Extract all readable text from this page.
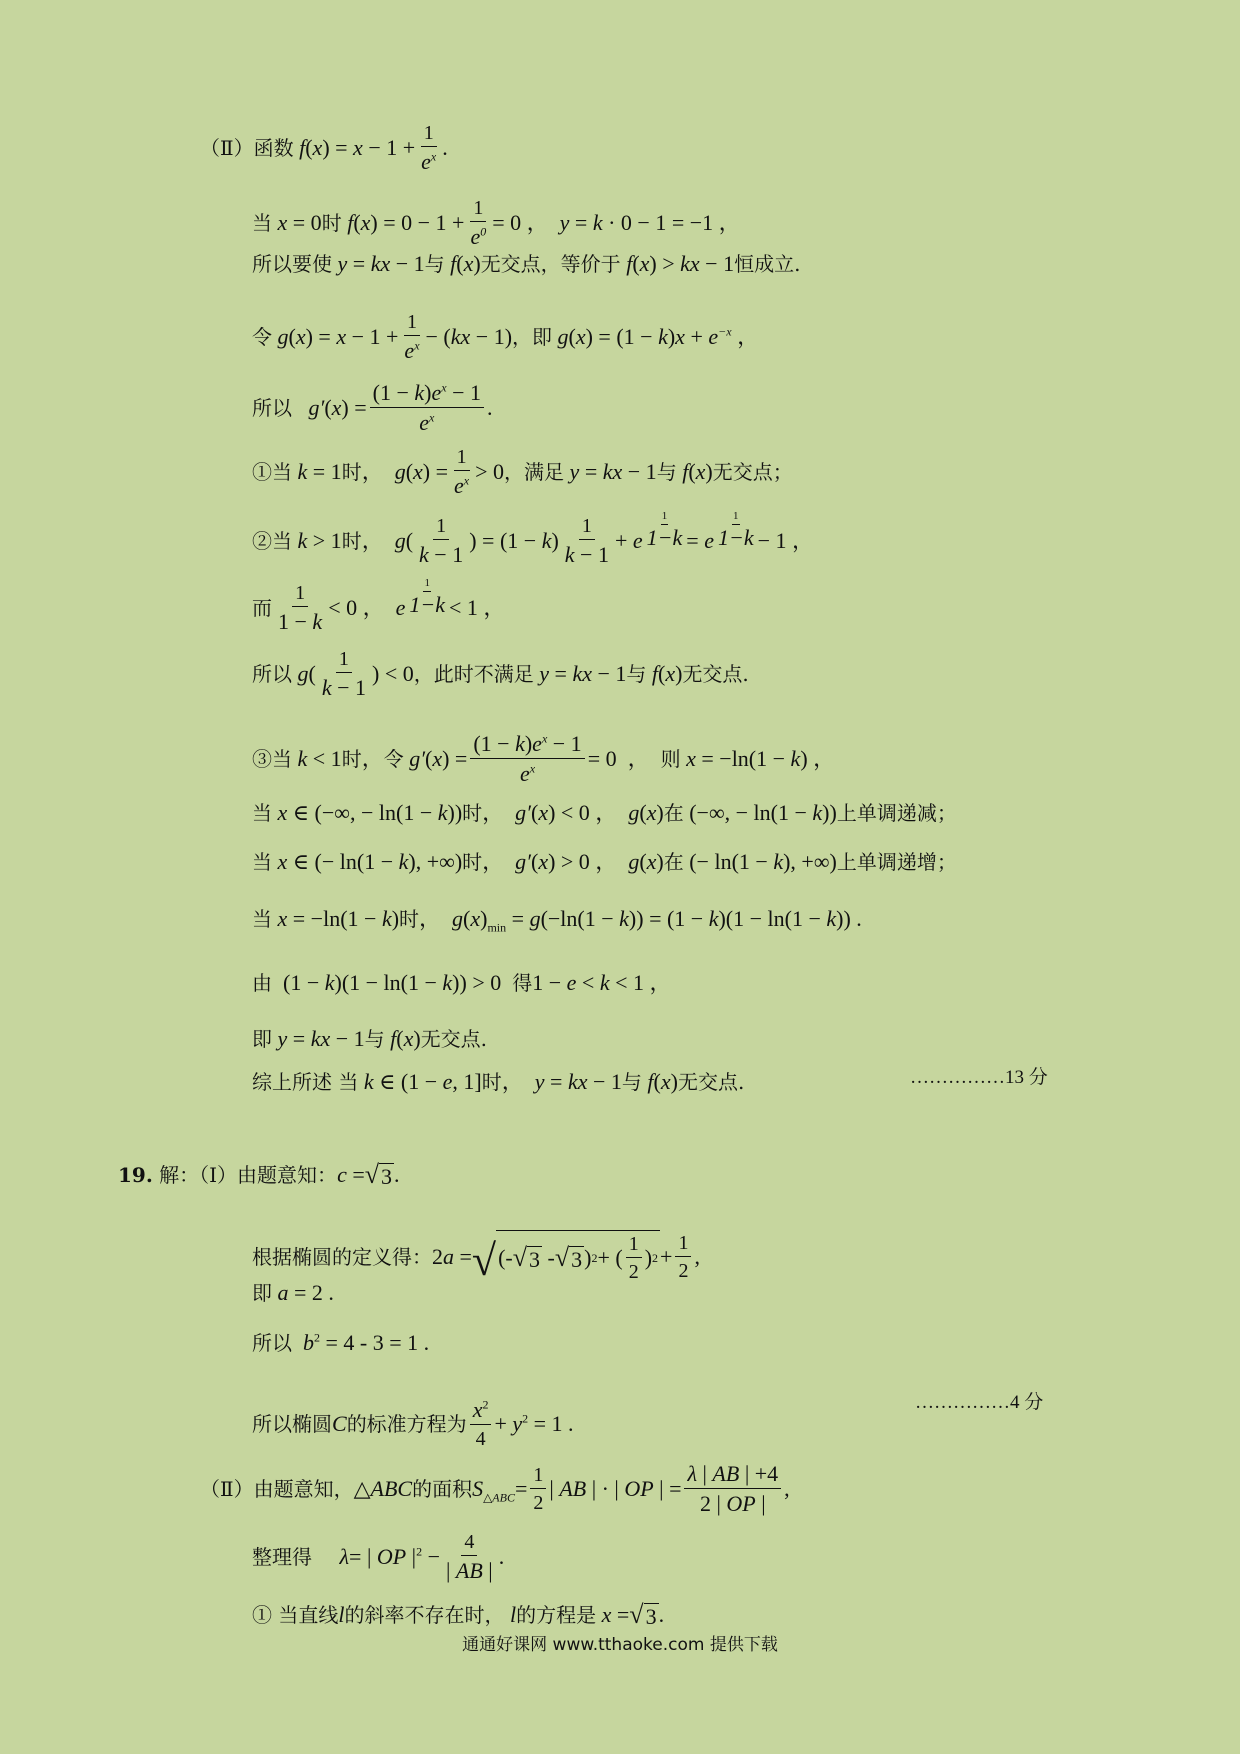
（Ⅱ）函数 $f(x) = x - 1 + \frac{1}{e^x}$ .
当 x = 0 时 $f(x) = 0 - 1 + \frac{1}{e^0} = 0$ ，  y = k · 0 − 1 = −1 ，
所以要使 y = kx − 1 与 f(x) 无交点，等价于 f(x) > kx − 1 恒成立.
令 $g(x) = x - 1 + \frac{1}{e^x} - (kx - 1)$ ，即 $g(x) = (1 - k)x + e^{-x}$ ，
所以 $g'(x) = \frac{(1 - k)e^x - 1}{e^x}$ .
①当 k = 1 时 ，  $g(x) = \frac{1}{e^x} > 0$ ，满足 y = kx − 1 与 f(x) 无交点；
②当 k > 1 时 ，  $g( \frac{1}{k - 1}$ ) = $(1 - k) \frac{1}{k - 1} + e \frac{1}{1-k} = e \frac{1}{1-k} - 1$ ，
而 $\frac{1}{1 - k} < 0$ ，  e $\frac{1}{1-k} < 1$ ，
所以 $g( \frac{1}{k - 1}$ ) < 0 ，此时不满足 y = kx − 1 与 f(x) 无交点.
③当 k < 1 时 ， 令 $g'(x) = \frac{(1 - k)e^x - 1}{e^x} = 0$  ， 则 x = −ln(1 − k) ，
当 x ∈ (−∞, − ln(1 − k)) 时 ，  g′(x) < 0 ，  g(x) 在 (−∞, − ln(1 − k)) 上单调递减；
当 x ∈ (− ln(1 − k), +∞) 时 ，  g′(x) > 0 ，  g(x) 在 (− ln(1 − k), +∞) 上单调递增；
当 x = −ln(1 − k) 时 ，  $g(x)_{min} = g(-\ln(1 - k)) = (1 - k)(1 - \ln(1 - k))$ .
由 (1 − k)(1 − ln(1 − k)) > 0 得 1 − e < k < 1 ，
即 y = kx − 1 与 f(x) 无交点.
综上所述 当 k ∈ (1 − e, 1] 时 ，  y = kx − 1 与 f(x) 无交点.	……………13 分
19.
解：（Ⅰ）由题意知： c = √ 3 .
根据椭圆的定义得： 2a = √ (- √ 3 - √ 3 ) 2 + ( $\frac{1}{2}$ ) $2 + \frac{1}{2}$ ,
即 a = 2 .
所以 $b^2 = 4 - 3 = 1$ .
所以椭圆 C 的标准方程为 $\frac{x^2}{4} + y^2 = 1$ .
……………4 分
（Ⅱ）由题意知， △ABC 的面积 $S_{\triangle ABC}= \frac{1}{2}$ | AB | · | OP | = $\frac{\lambda | AB | +4}{2 | OP |}$ ,
整理得	λ= | OP $|^2 - \frac{4}{| AB |}$ .
① 当直线 l 的斜率不存在时， l 的方程是 x = √ 3 .
通通好课网 www.tthaoke.com 提供下载
